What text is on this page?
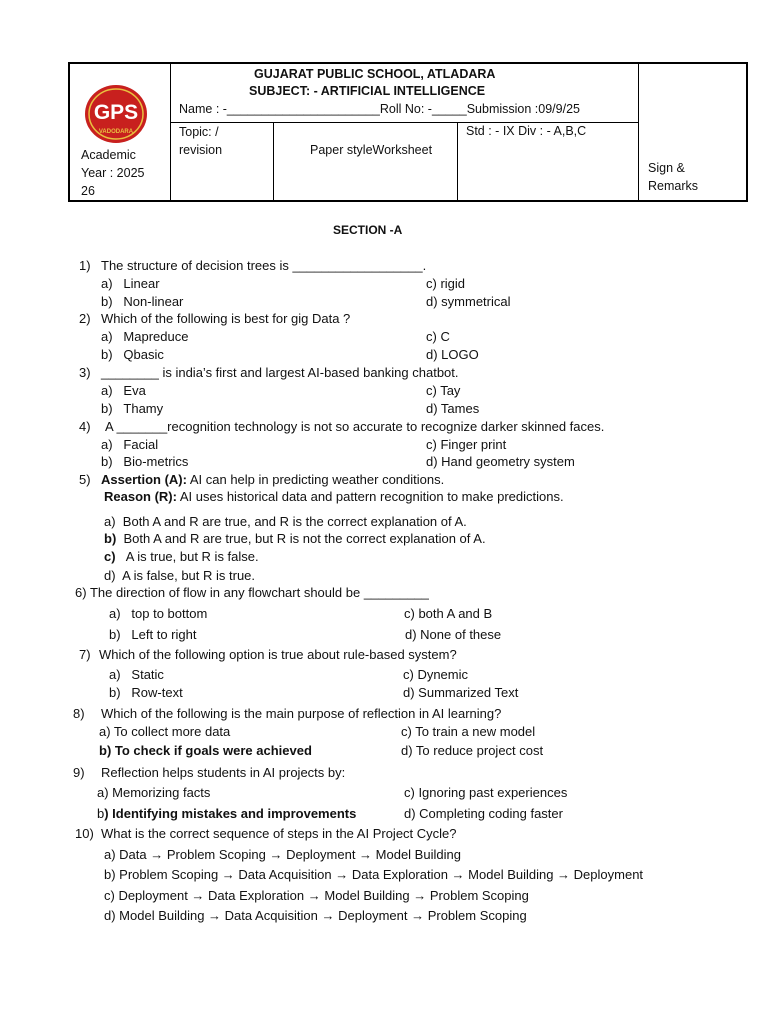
GPS
VADODARA
Academic
Year : 2025
26
GUJARAT PUBLIC SCHOOL, ATLADARA
SUBJECT: - ARTIFICIAL INTELLIGENCE
Name : -______________________Roll No: -_____Submission :09/9/25
Topic: /
revision	Paper styleWorksheet
Std : - IX Div : - A,B,C
Sign &
Remarks
SECTION -A
1) The structure of decision trees is __________________.
a)   Linear
b)   Non-linear
c) rigid
d) symmetrical
2) Which of the following is best for gig Data ?
a)   Mapreduce
b)   Qbasic
c) C
d) LOGO
3) ________ is india’s first and largest AI-based banking chatbot.
a)   Eva
b)   Thamy
c) Tay
d) Tames
4) A _______recognition technology is not so accurate to recognize darker skinned faces.
a)   Facial
b)   Bio-metrics
c) Finger print
d) Hand geometry system
5) Assertion (A): AI can help in predicting weather conditions.
Reason (R): AI uses historical data and pattern recognition to make predictions.
a) Both A and R are true, and R is the correct explanation of A.
b) Both A and R are true, but R is not the correct explanation of A.
c) A is true, but R is false.
d) A is false, but R is true.
6) The direction of flow in any flowchart should be _________
a)   top to bottom
b)   Left to right
c) both A and B
d) None of these
7) Which of the following option is true about rule-based system?
a)   Static
b)   Row-text
c) Dynemic
d) Summarized Text
8) Which of the following is the main purpose of reflection in AI learning?
a) To collect more data
b) To check if goals were achieved
c) To train a new model
d) To reduce project cost
9) Reflection helps students in AI projects by:
a) Memorizing facts
b) Identifying mistakes and improvements
c) Ignoring past experiences
d) Completing coding faster
10) What is the correct sequence of steps in the AI Project Cycle?
a) Data → Problem Scoping → Deployment → Model Building
b) Problem Scoping → Data Acquisition → Data Exploration → Model Building → Deployment
c) Deployment → Data Exploration → Model Building → Problem Scoping
d) Model Building → Data Acquisition → Deployment → Problem Scoping
